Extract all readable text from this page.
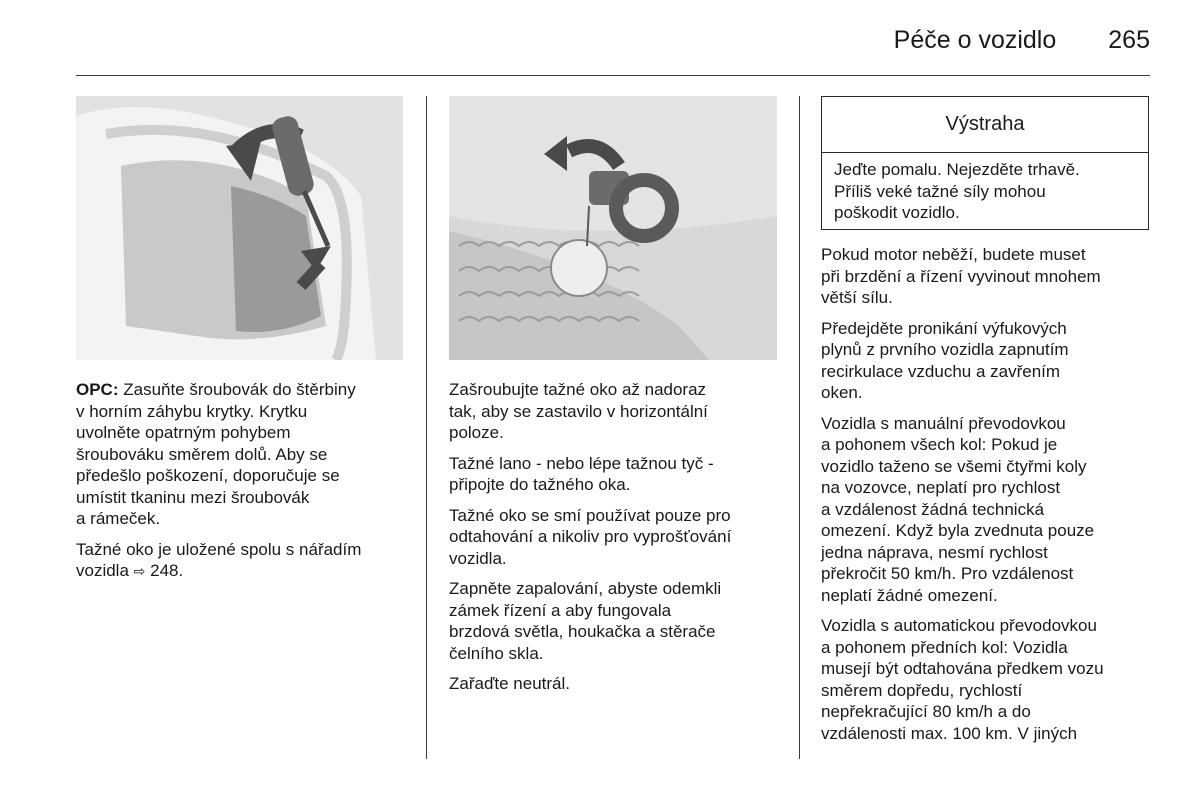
Péče o vozidlo 265

OPC: Zasuňte šroubovák do štěrbiny
v horním záhybu krytky. Krytku
uvolněte opatrným pohybem
šroubováku směrem dolů. Aby se
předešlo poškození, doporučuje se
umístit tkaninu mezi šroubovák
a rámeček.

Tažné oko je uložené spolu s nářadím
vozidla ⇨ 248.

Zašroubujte tažné oko až nadoraz
tak, aby se zastavilo v horizontální
poloze.

Tažné lano - nebo lépe tažnou tyč -
připojte do tažného oka.

Tažné oko se smí používat pouze pro
odtahování a nikoliv pro vyprošťování
vozidla.

Zapněte zapalování, abyste odemkli
zámek řízení a aby fungovala
brzdová světla, houkačka a stěrače
čelního skla.

Zařaďte neutrál.

Výstraha
Jeďte pomalu. Nejezděte trhavě.
Příliš veké tažné síly mohou
poškodit vozidlo.

Pokud motor neběží, budete muset
při brzdění a řízení vyvinout mnohem
větší sílu.

Předejděte pronikání výfukových
plynů z prvního vozidla zapnutím
recirkulace vzduchu a zavřením
oken.

Vozidla s manuální převodovkou
a pohonem všech kol: Pokud je
vozidlo taženo se všemi čtyřmi koly
na vozovce, neplatí pro rychlost
a vzdálenost žádná technická
omezení. Když byla zvednuta pouze
jedna náprava, nesmí rychlost
překročit 50 km/h. Pro vzdálenost
neplatí žádné omezení.

Vozidla s automatickou převodovkou
a pohonem předních kol: Vozidla
musejí být odtahována předkem vozu
směrem dopředu, rychlostí
nepřekračující 80 km/h a do
vzdálenosti max. 100 km. V jiných
